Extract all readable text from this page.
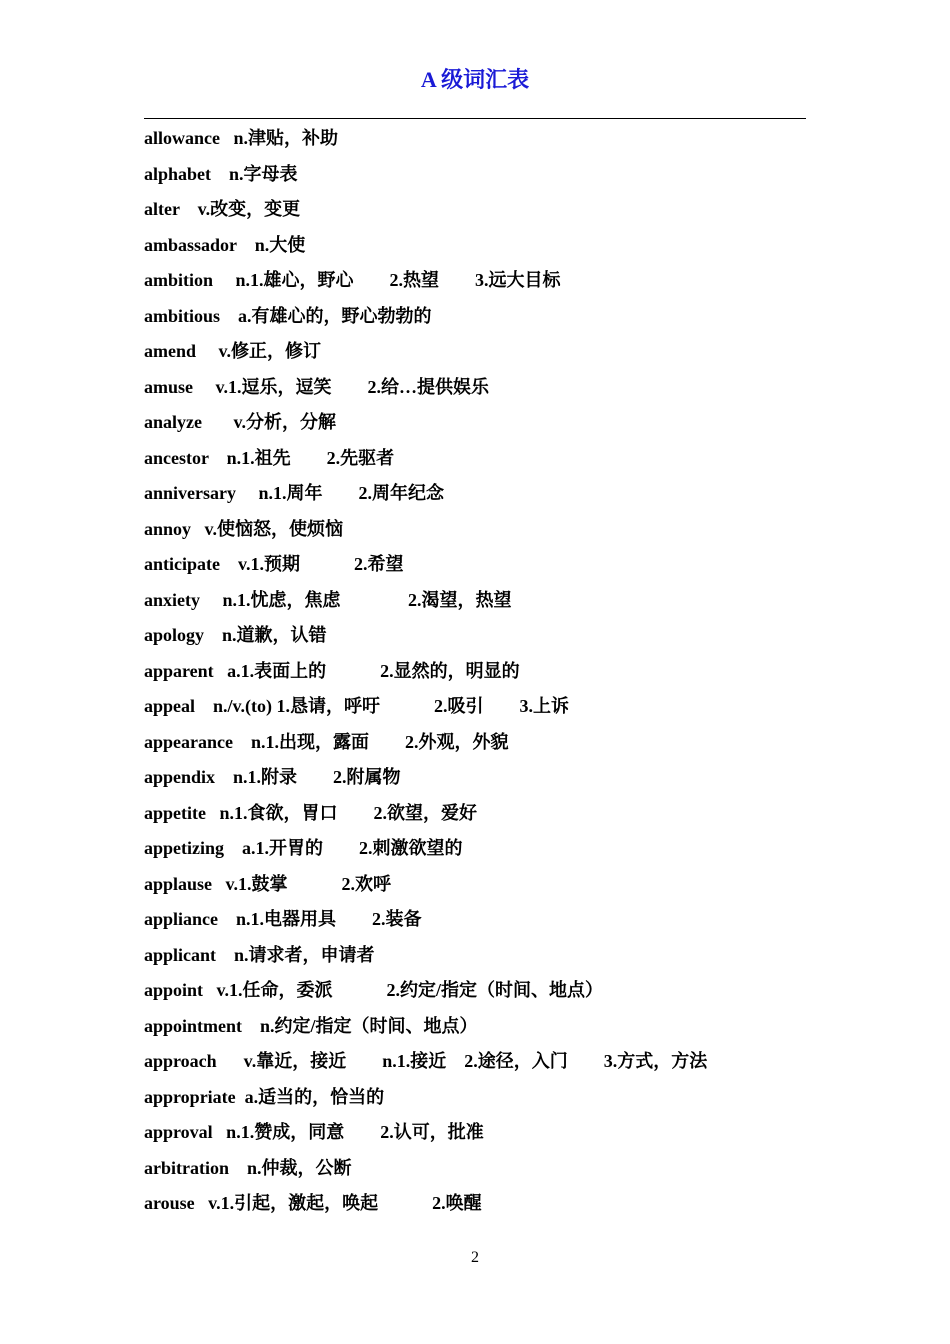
A 级词汇表
allowance   n.津贴，补助
alphabet    n.字母表
alter    v.改变，变更
ambassador    n.大使
ambition     n.1.雄心，野心        2.热望        3.远大目标
ambitious    a.有雄心的，野心勃勃的
amend     v.修正，修订
amuse     v.1.逗乐，逗笑        2.给…提供娱乐
analyze       v.分析，分解
ancestor    n.1.祖先        2.先驱者
anniversary     n.1.周年        2.周年纪念
annoy   v.使恼怒，使烦恼
anticipate    v.1.预期            2.希望
anxiety     n.1.忧虑，焦虑               2.渴望，热望
apology    n.道歉，认错
apparent   a.1.表面上的            2.显然的，明显的
appeal    n./v.(to) 1.恳请，呼吁            2.吸引        3.上诉
appearance    n.1.出现，露面        2.外观，外貌
appendix    n.1.附录        2.附属物
appetite   n.1.食欲，胃口        2.欲望，爱好
appetizing    a.1.开胃的        2.刺激欲望的
applause   v.1.鼓掌            2.欢呼
appliance    n.1.电器用具        2.装备
applicant    n.请求者，申请者
appoint   v.1.任命，委派            2.约定/指定（时间、地点）
appointment    n.约定/指定（时间、地点）
approach      v.靠近，接近        n.1.接近    2.途径，入门        3.方式，方法
appropriate  a.适当的，恰当的
approval   n.1.赞成，同意        2.认可，批准
arbitration    n.仲裁，公断
arouse   v.1.引起，激起，唤起            2.唤醒
2
